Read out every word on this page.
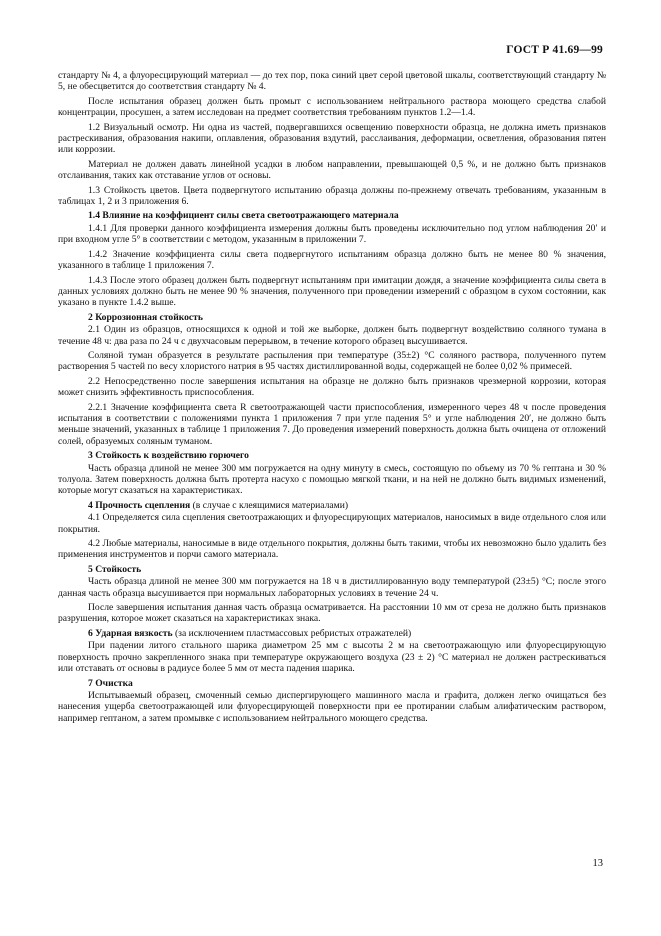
ГОСТ Р 41.69—99

стандарту № 4, а флуоресцирующий материал — до тех пор, пока синий цвет серой цветовой шкалы, соответствующий стандарту № 5, не обесцветится до соответствия стандарту № 4.

После испытания образец должен быть промыт с использованием нейтрального раствора моющего средства слабой концентрации, просушен, а затем исследован на предмет соответствия требованиям пунктов 1.2—1.4.

1.2 Визуальный осмотр. Ни одна из частей, подвергавшихся освещению поверхности образца, не должна иметь признаков растрескивания, образования накипи, оплавления, образования вздутий, расслаивания, деформации, осветления, образования пятен или коррозии.

Материал не должен давать линейной усадки в любом направлении, превышающей 0,5 %, и не должно быть признаков отслаивания, таких как отставание углов от основы.

1.3 Стойкость цветов. Цвета подвергнутого испытанию образца должны по-прежнему отвечать требованиям, указанным в таблицах 1, 2 и 3 приложения 6.

1.4 Влияние на коэффициент силы света светоотражающего материала

1.4.1 Для проверки данного коэффициента измерения должны быть проведены исключительно под углом наблюдения 20′ и при входном угле 5° в соответствии с методом, указанным в приложении 7.

1.4.2 Значение коэффициента силы света подвергнутого испытаниям образца должно быть не менее 80 % значения, указанного в таблице 1 приложения 7.

1.4.3 После этого образец должен быть подвергнут испытаниям при имитации дождя, а значение коэффициента силы света в данных условиях должно быть не менее 90 % значения, полученного при проведении измерений с образцом в сухом состоянии, как указано в пункте 1.4.2 выше.

2 Коррозионная стойкость

2.1 Один из образцов, относящихся к одной и той же выборке, должен быть подвергнут воздействию соляного тумана в течение 48 ч: два раза по 24 ч с двухчасовым перерывом, в течение которого образец высушивается.

Соляной туман образуется в результате распыления при температуре (35±2) °С соляного раствора, полученного путем растворения 5 частей по весу хлористого натрия в 95 частях дистиллированной воды, содержащей не более 0,02 % примесей.

2.2 Непосредственно после завершения испытания на образце не должно быть признаков чрезмерной коррозии, которая может снизить эффективность приспособления.

2.2.1 Значение коэффициента света R светоотражающей части приспособления, измеренного через 48 ч после проведения испытания в соответствии с положениями пункта 1 приложения 7 при угле падения 5° и угле наблюдения 20′, не должно быть меньше значений, указанных в таблице 1 приложения 7. До проведения измерений поверхность должна быть очищена от отложений солей, образуемых соляным туманом.

3 Стойкость к воздействию горючего

Часть образца длиной не менее 300 мм погружается на одну минуту в смесь, состоящую по объему из 70 % гептана и 30 % толуола. Затем поверхность должна быть протерта насухо с помощью мягкой ткани, и на ней не должно быть видимых изменений, которые могут сказаться на характеристиках.

4 Прочность сцепления (в случае с клеящимися материалами)

4.1 Определяется сила сцепления светоотражающих и флуоресцирующих материалов, наносимых в виде отдельного слоя или покрытия.

4.2 Любые материалы, наносимые в виде отдельного покрытия, должны быть такими, чтобы их невозможно было удалить без применения инструментов и порчи самого материала.

5 Стойкость

Часть образца длиной не менее 300 мм погружается на 18 ч в дистиллированную воду температурой (23±5) °С; после этого данная часть образца высушивается при нормальных лабораторных условиях в течение 24 ч.

После завершения испытания данная часть образца осматривается. На расстоянии 10 мм от среза не должно быть признаков разрушения, которое может сказаться на характеристиках знака.

6 Ударная вязкость (за исключением пластмассовых ребристых отражателей)

При падении литого стального шарика диаметром 25 мм с высоты 2 м на светоотражающую или флуоресцирующую поверхность прочно закрепленного знака при температуре окружающего воздуха (23 ± 2) °С материал не должен растрескиваться или отставать от основы в радиусе более 5 мм от места падения шарика.

7 Очистка

Испытываемый образец, смоченный семью диспергирующего машинного масла и графита, должен легко очищаться без нанесения ущерба светоотражающей или флуоресцирующей поверхности при ее протирании слабым алифатическим раствором, например гептаном, а затем промывке с использованием нейтрального моющего средства.

13
